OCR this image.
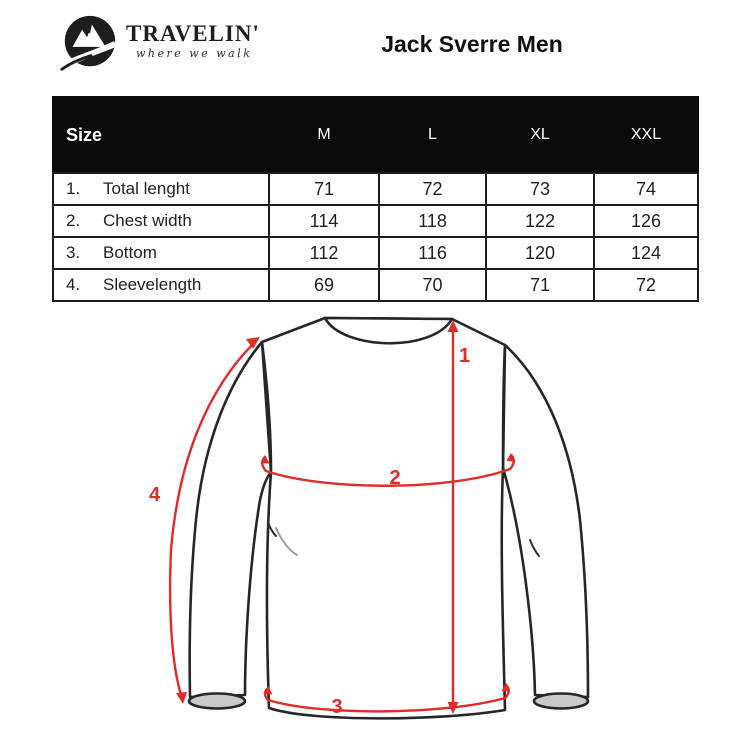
TRAVELIN'
where we walk	Jack Sverre Men
Size	M	L	XL	XXL
1. Total lenght	71	72	73	74
2. Chest width	114	118	122	126
3. Bottom	112	116	120	124
4. Sleevelength	69	70	71	72
1
2
3
4
